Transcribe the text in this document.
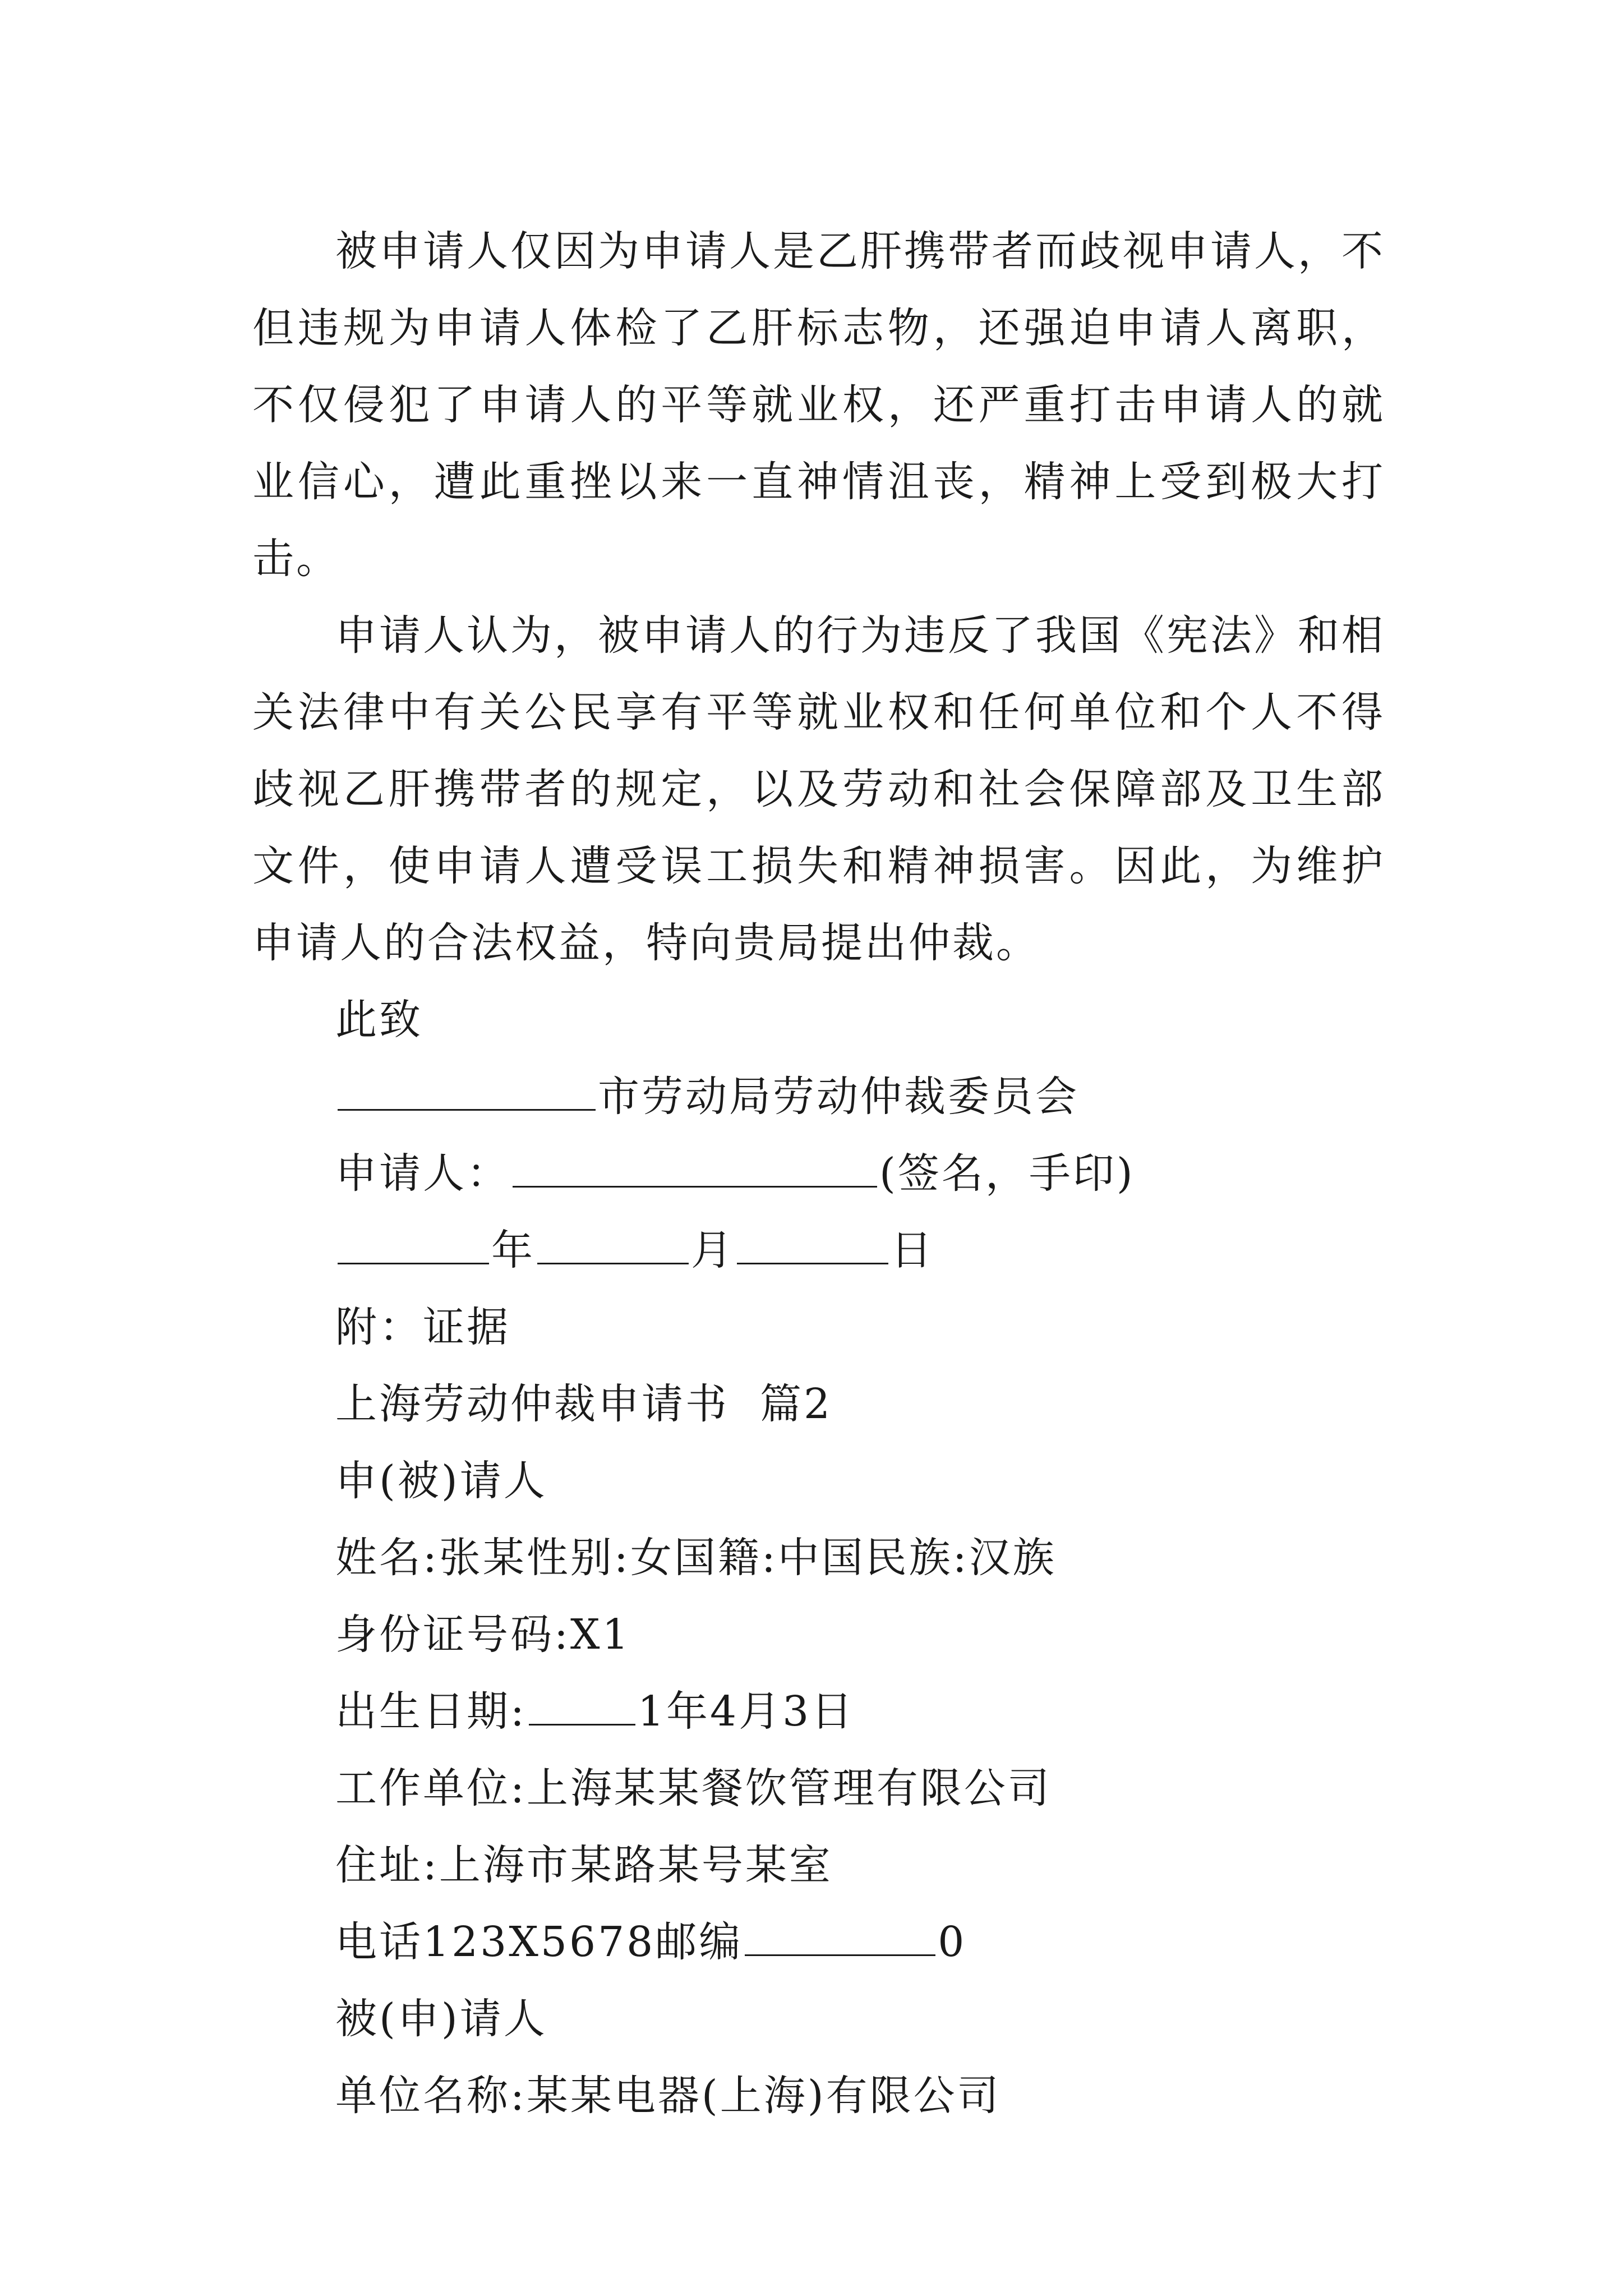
被申请人仅因为申请人是乙肝携带者而歧视申请人，不但违规为申请人体检了乙肝标志物，还强迫申请人离职，不仅侵犯了申请人的平等就业权，还严重打击申请人的就业信心，遭此重挫以来一直神情沮丧，精神上受到极大打击。

申请人认为，被申请人的行为违反了我国《宪法》和相关法律中有关公民享有平等就业权和任何单位和个人不得歧视乙肝携带者的规定，以及劳动和社会保障部及卫生部文件，使申请人遭受误工损失和精神损害。因此，为维护申请人的合法权益，特向贵局提出仲裁。

此致

市劳动局劳动仲裁委员会

申请人：	(签名，手印)

年	月	日

附：证据

上海劳动仲裁申请书  篇2

申(被)请人

姓名:张某性别:女国籍:中国民族:汉族

身份证号码:X1

出生日期:	1年4月3日

工作单位:上海某某餐饮管理有限公司

住址:上海市某路某号某室

电话123X5678邮编	0

被(申)请人

单位名称:某某电器(上海)有限公司
